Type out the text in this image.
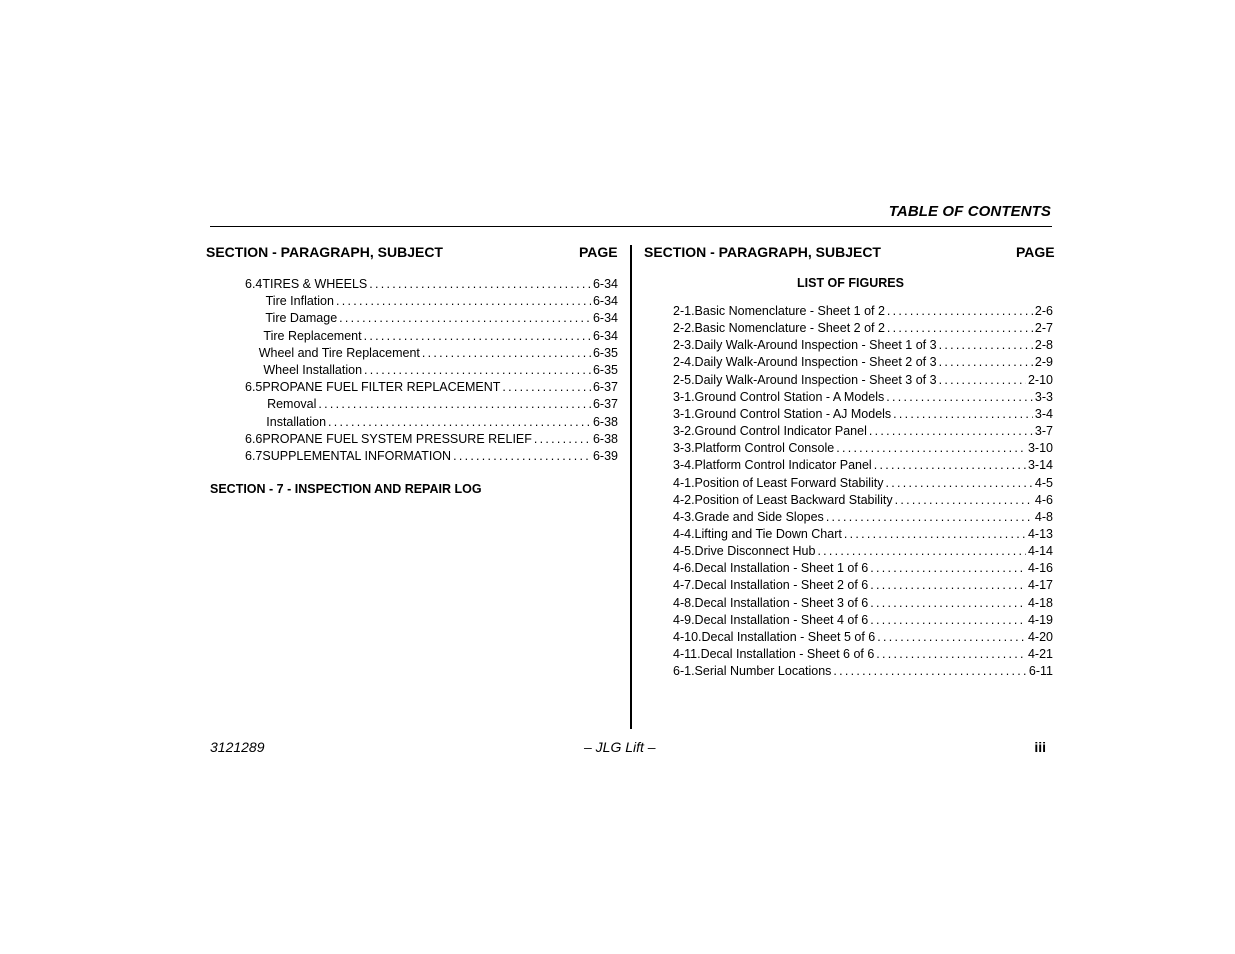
TABLE OF CONTENTS
SECTION - PARAGRAPH, SUBJECT	PAGE SECTION - PARAGRAPH, SUBJECT	PAGE
6.4 TIRES & WHEELS . . .	6-34
Tire Inflation . . .	6-34
Tire Damage . . .	6-34
Tire Replacement . . .	6-34
Wheel and Tire Replacement . . .	6-35
Wheel Installation . . .	6-35
6.5 PROPANE FUEL FILTER REPLACEMENT . . .	6-37
Removal . . .	6-37
Installation . . .	6-38
6.6 PROPANE FUEL SYSTEM PRESSURE RELIEF . . .	6-38
6.7 SUPPLEMENTAL INFORMATION . . .	6-39
SECTION - 7 - INSPECTION AND REPAIR LOG
LIST OF FIGURES
2-1. Basic Nomenclature - Sheet 1 of 2 . . .	2-6
2-2. Basic Nomenclature - Sheet 2 of 2 . . .	2-7
2-3. Daily Walk-Around Inspection - Sheet 1 of 3 . . .	2-8
2-4. Daily Walk-Around Inspection - Sheet 2 of 3 . . .	2-9
2-5. Daily Walk-Around Inspection - Sheet 3 of 3 . . .	2-10
3-1. Ground Control Station - A Models . . .	3-3
3-1. Ground Control Station - AJ Models . . .	3-4
3-2. Ground Control Indicator Panel . . .	3-7
3-3. Platform Control Console . . .	3-10
3-4. Platform Control Indicator Panel . . .	3-14
4-1. Position of Least Forward Stability . . .	4-5
4-2. Position of Least Backward Stability . . .	4-6
4-3. Grade and Side Slopes . . .	4-8
4-4. Lifting and Tie Down Chart . . .	4-13
4-5. Drive Disconnect Hub . . .	4-14
4-6. Decal Installation - Sheet 1 of 6 . . .	4-16
4-7. Decal Installation - Sheet 2 of 6 . . .	4-17
4-8. Decal Installation - Sheet 3 of 6 . . .	4-18
4-9. Decal Installation - Sheet 4 of 6 . . .	4-19
4-10. Decal Installation - Sheet 5 of 6 . . .	4-20
4-11. Decal Installation - Sheet 6 of 6 . . .	4-21
6-1. Serial Number Locations . . .	6-11
3121289	– JLG Lift –	iii
